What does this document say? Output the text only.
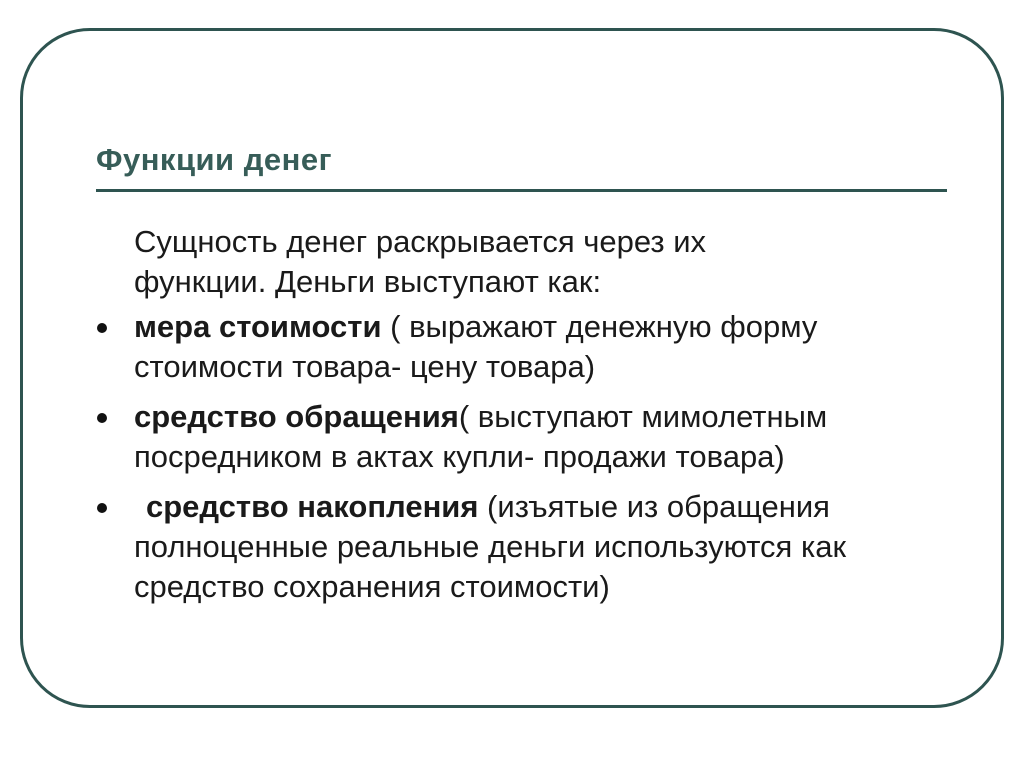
Функции денег

Сущность денег раскрывается через их
функции. Деньги выступают как:

мера стоимости ( выражают денежную форму стоимости товара- цену товара)
средство обращения( выступают мимолетным посредником в актах купли- продажи товара)
средство накопления (изъятые из обращения полноценные реальные деньги используются как средство сохранения стоимости)
